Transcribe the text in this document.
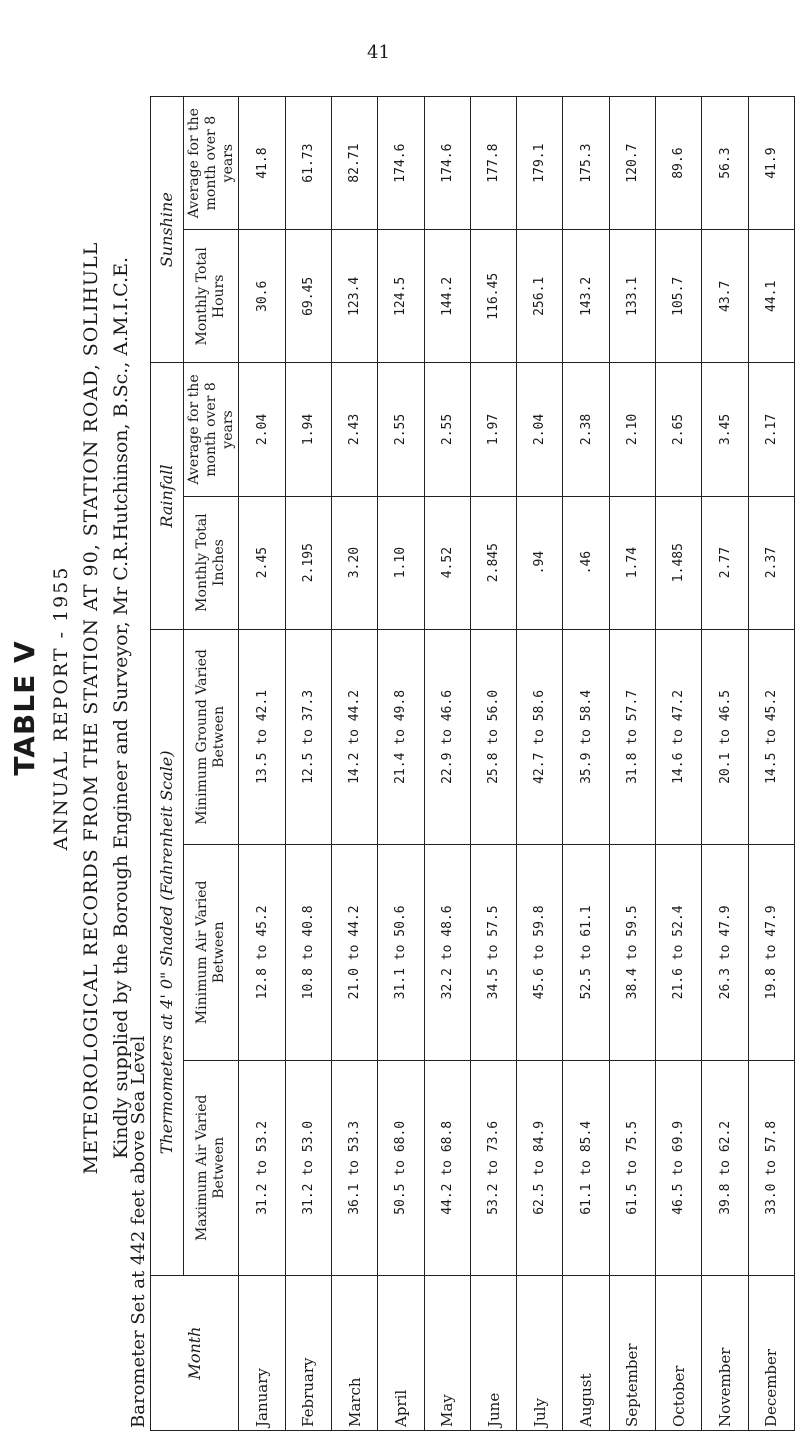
TABLE V ANNUAL REPORT - 1955 METEOROLOGICAL RECORDS FROM THE STATION AT 90, STATION ROAD, SOLIHULL Kindly supplied by the Borough Engineer and Surveyor, Mr C.R.Hutchinson, B.Sc., A.M.I.C.E.
Barometer Set at 442 feet above Sea Level Month	Thermometers at 4' 0" Shaded (Fahrenheit Scale)			Rainfall		Sunshine	
	Maximum Air Varied Between	Minimum Air Varied Between	Minimum Ground Varied Between	Monthly Total Inches	Average for the month over 8 years	Monthly Total Hours	Average for the month over 8 years
January	31.2 to 53.2	12.8 to 45.2	13.5 to 42.1	2.45	2.04	30.6	41.8
February	31.2 to 53.0	10.8 to 40.8	12.5 to 37.3	2.195	1.94	69.45	61.73
March	36.1 to 53.3	21.0 to 44.2	14.2 to 44.2	3.20	2.43	123.4	82.71
April	50.5 to 68.0	31.1 to 50.6	21.4 to 49.8	1.10	2.55	124.5	174.6
May	44.2 to 68.8	32.2 to 48.6	22.9 to 46.6	4.52	2.55	144.2	174.6
June	53.2 to 73.6	34.5 to 57.5	25.8 to 56.0	2.845	1.97	116.45	177.8
July	62.5 to 84.9	45.6 to 59.8	42.7 to 58.6	.94	2.04	256.1	179.1
August	61.1 to 85.4	52.5 to 61.1	35.9 to 58.4	.46	2.38	143.2	175.3
September	61.5 to 75.5	38.4 to 59.5	31.8 to 57.7	1.74	2.10	133.1	120.7
October	46.5 to 69.9	21.6 to 52.4	14.6 to 47.2	1.485	2.65	105.7	89.6
November	39.8 to 62.2	26.3 to 47.9	20.1 to 46.5	2.77	3.45	43.7	56.3
December	33.0 to 57.8	19.8 to 47.9	14.5 to 45.2	2.37	2.17	44.1	41.9
41
